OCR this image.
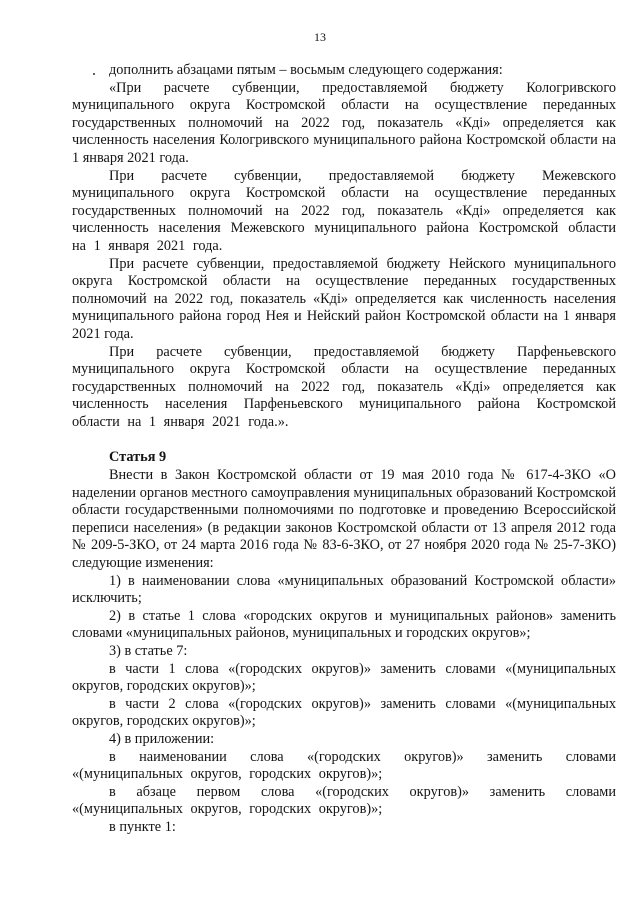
13

дополнить абзацами пятым – восьмым следующего содержания:

«При расчете субвенции, предоставляемой бюджету Кологривского муниципального округа Костромской области на осуществление переданных государственных полномочий на 2022 год, показатель «Кдi» определяется как численность населения Кологривского муниципального района Костромской области на 1 января 2021 года.

При расчете субвенции, предоставляемой бюджету Межевского муниципального округа Костромской области на осуществление переданных государственных полномочий на 2022 год, показатель «Кдi» определяется как численность населения Межевского муниципального района Костромской области на 1 января 2021 года.

При расчете субвенции, предоставляемой бюджету Нейского муниципального округа Костромской области на осуществление переданных государственных полномочий на 2022 год, показатель «Кдi» определяется как численность населения муниципального района город Нея и Нейский район Костромской области на 1 января 2021 года.

При расчете субвенции, предоставляемой бюджету Парфеньевского муниципального округа Костромской области на осуществление переданных государственных полномочий на 2022 год, показатель «Кдi» определяется как численность населения Парфеньевского муниципального района Костромской области на 1 января 2021 года.».

Статья 9

Внести в Закон Костромской области от 19 мая 2010 года № 617-4-ЗКО «О наделении органов местного самоуправления муниципальных образований Костромской области государственными полномочиями по подготовке и проведению Всероссийской переписи населения» (в редакции законов Костромской области от 13 апреля 2012 года № 209-5-ЗКО, от 24 марта 2016 года № 83-6-ЗКО, от 27 ноября 2020 года № 25-7-ЗКО) следующие изменения:

1) в наименовании слова «муниципальных образований Костромской области» исключить;

2) в статье 1 слова «городских округов и муниципальных районов» заменить словами «муниципальных районов, муниципальных и городских округов»;

3) в статье 7:

в части 1 слова «(городских округов)» заменить словами «(муниципальных округов, городских округов)»;

в части 2 слова «(городских округов)» заменить словами «(муниципальных округов, городских округов)»;

4) в приложении:

в наименовании слова «(городских округов)» заменить словами «(муниципальных округов, городских округов)»;

в абзаце первом слова «(городских округов)» заменить словами «(муниципальных округов, городских округов)»;

в пункте 1:
